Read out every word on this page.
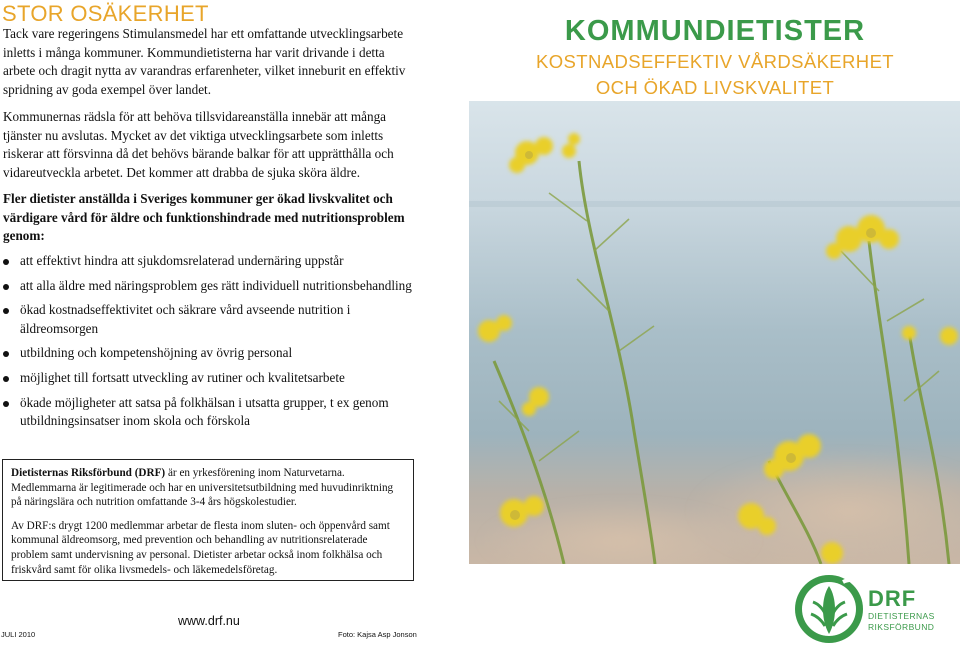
STOR OSÄKERHET

Tack vare regeringens Stimulansmedel har ett omfattande utvecklingsarbete inletts i många kommuner. Kommundietisterna har varit drivande i detta arbete och dragit nytta av varandras erfarenheter, vilket inneburit en effektiv spridning av goda exempel över landet.

Kommunernas rädsla för att behöva tillsvidareanställa innebär att många tjänster nu avslutas. Mycket av det viktiga utvecklingsarbete som inletts riskerar att försvinna då det behövs bärande balkar för att upprätthålla och vidareutveckla arbetet. Det kommer att drabba de sjuka sköra äldre.

Fler dietister anställda i Sveriges kommuner ger ökad livskvalitet och värdigare vård för äldre och funktionshindrade med nutritionsproblem genom:

att effektivt hindra att sjukdomsrelaterad undernäring uppstår
att alla äldre med näringsproblem ges rätt individuell nutritionsbehandling
ökad kostnadseffektivitet och säkrare vård avseende nutrition i äldreomsorgen
utbildning och kompetenshöjning av övrig personal
möjlighet till fortsatt utveckling av rutiner och kvalitetsarbete
ökade möjligheter att satsa på folkhälsan i utsatta grupper, t ex genom utbildningsinsatser inom skola och förskola

Dietisternas Riksförbund (DRF) är en yrkesförening inom Naturvetarna. Medlemmarna är legitimerade och har en universitetsutbildning med huvudinriktning på näringslära och nutrition omfattande 3-4 års högskolestudier.

Av DRF:s drygt 1200 medlemmar arbetar de flesta inom sluten- och öppenvård samt kommunal äldreomsorg, med prevention och behandling av nutritionsrelaterade problem samt undervisning av personal. Dietister arbetar också inom folkhälsa och friskvård samt för olika livsmedels- och läkemedelsföretag.

JULI 2010
www.drf.nu
Foto: Kajsa Asp Jonson
KOMMUNDIETISTER
KOSTNADSEFFEKTIV VÅRDSÄKERHET
OCH ÖKAD LIVSKVALITET
DRF
DIETISTERNAS
RIKSFÖRBUND
